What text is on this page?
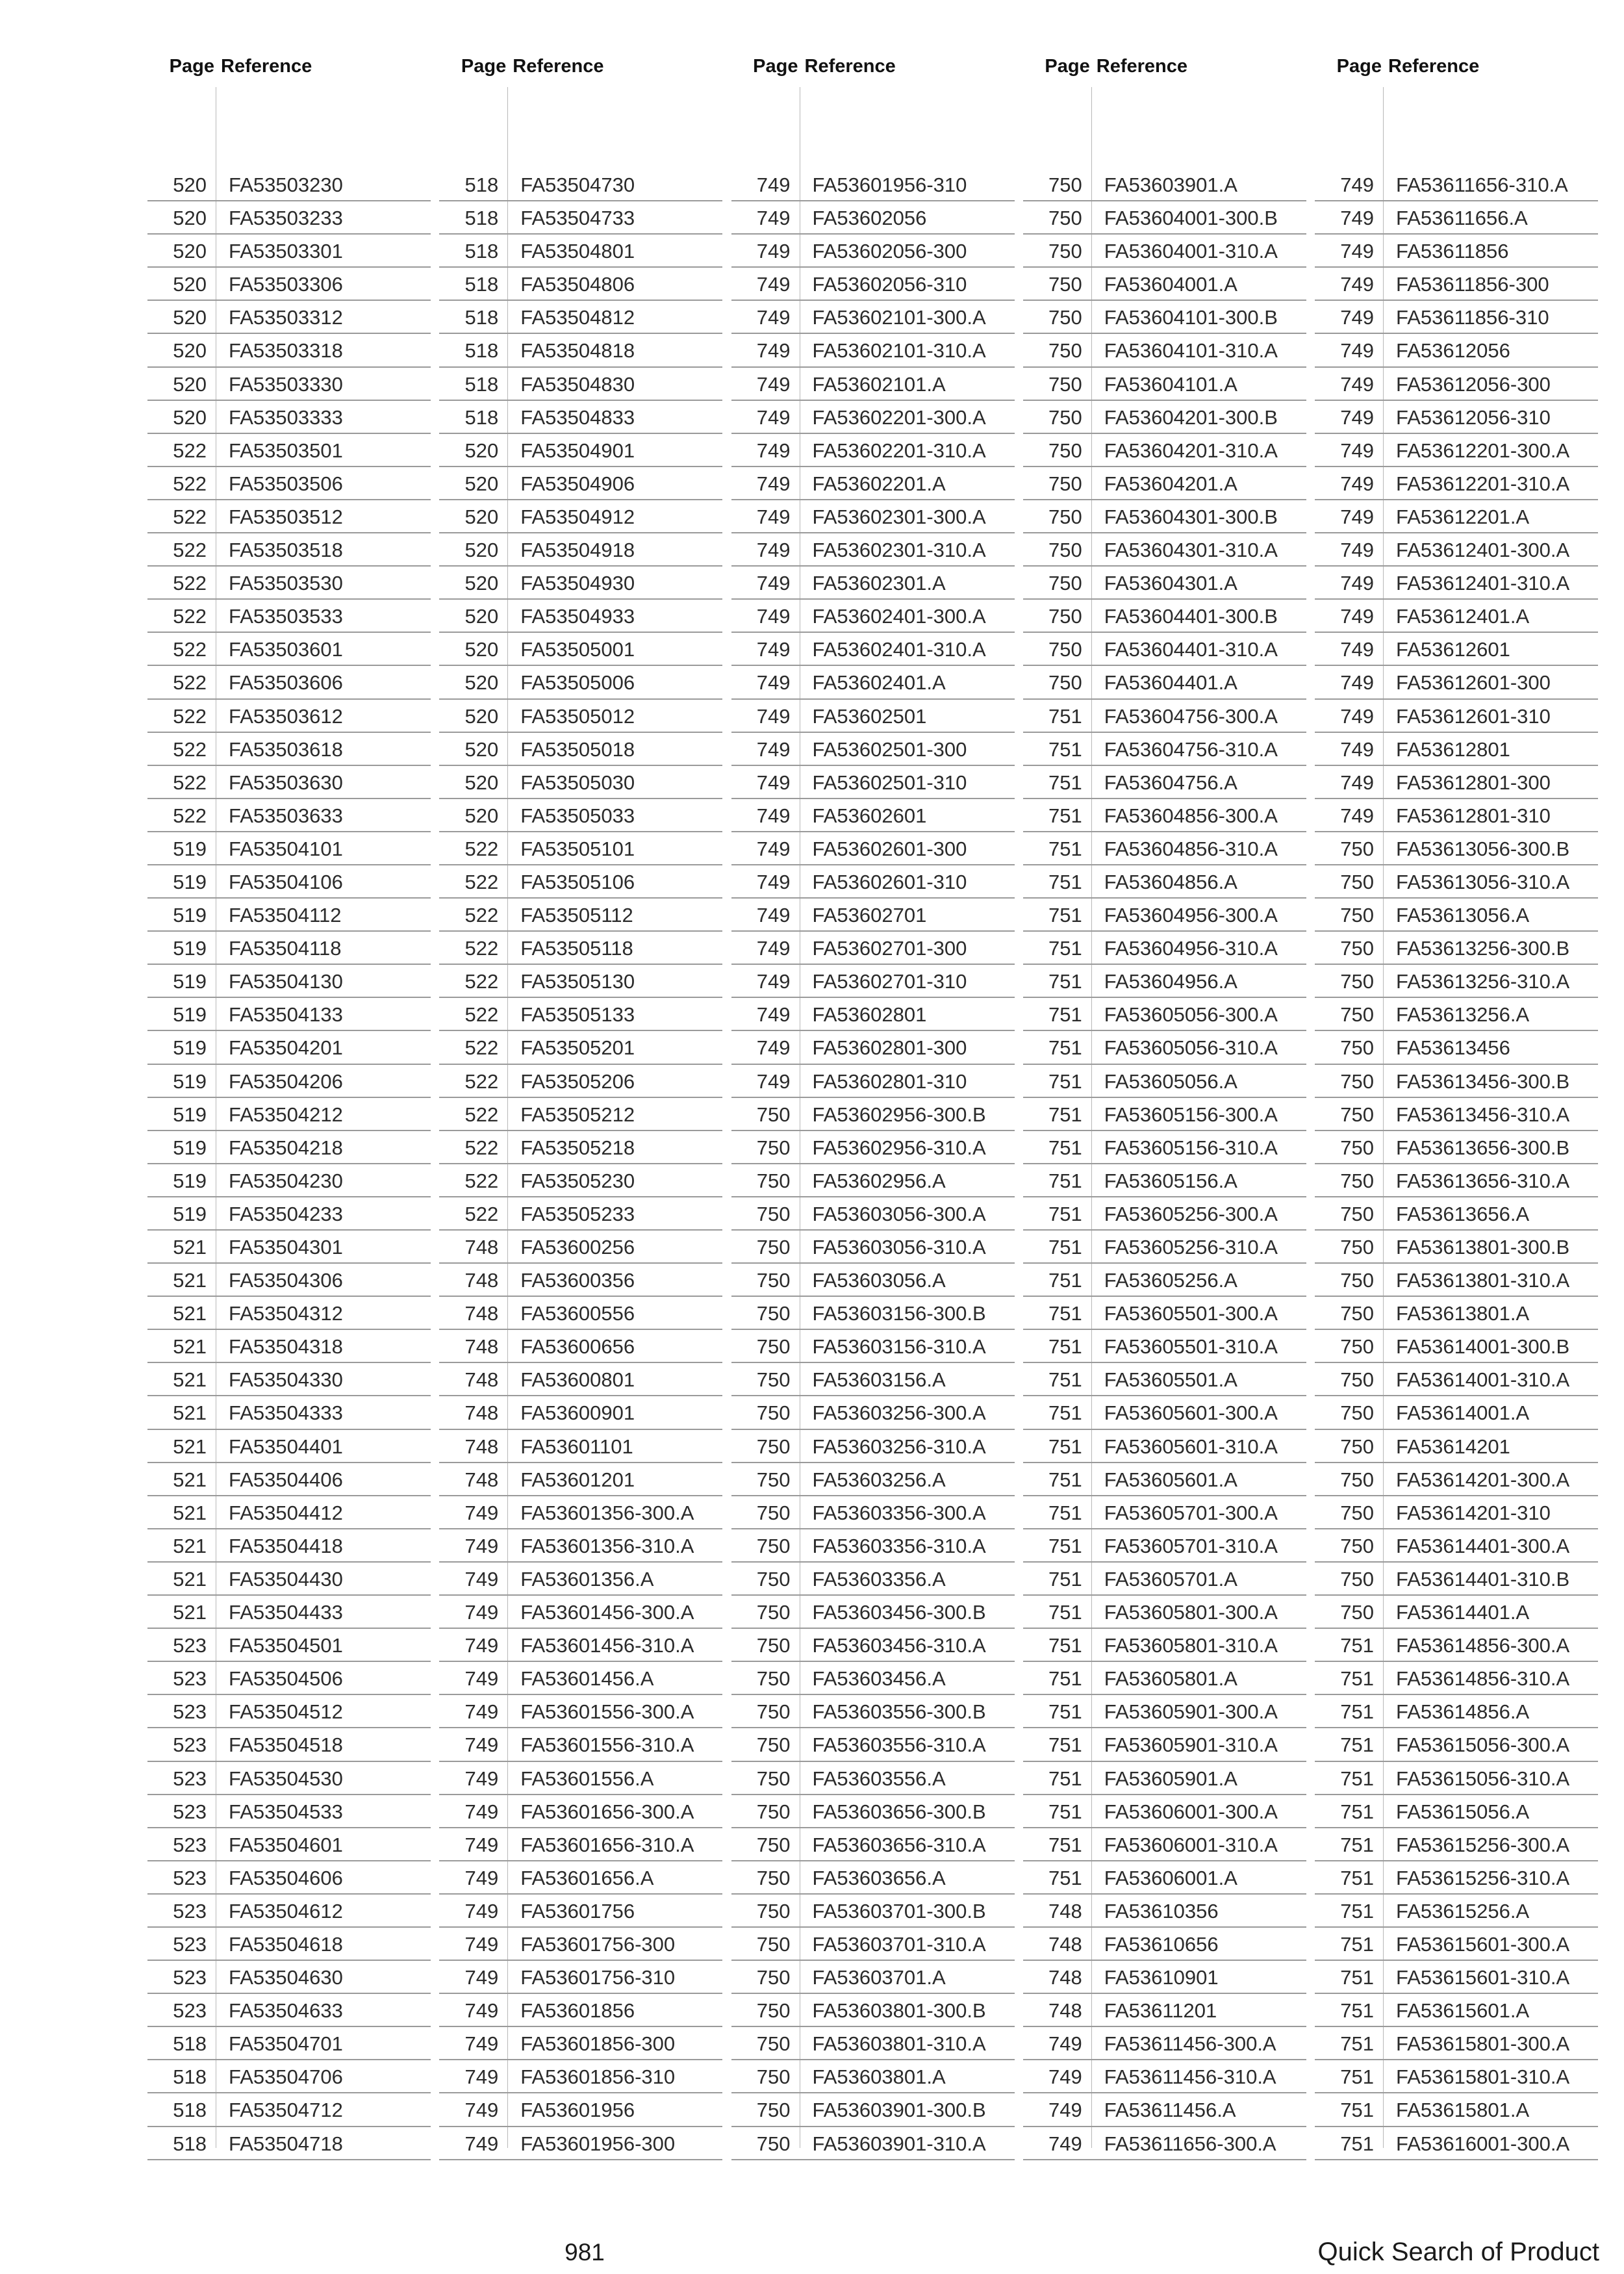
Page Reference
520 FA53503230
520 FA53503233
520 FA53503301
520 FA53503306
520 FA53503312
520 FA53503318
520 FA53503330
520 FA53503333
522 FA53503501
522 FA53503506
522 FA53503512
522 FA53503518
522 FA53503530
522 FA53503533
522 FA53503601
522 FA53503606
522 FA53503612
522 FA53503618
522 FA53503630
522 FA53503633
519 FA53504101
519 FA53504106
519 FA53504112
519 FA53504118
519 FA53504130
519 FA53504133
519 FA53504201
519 FA53504206
519 FA53504212
519 FA53504218
519 FA53504230
519 FA53504233
521 FA53504301
521 FA53504306
521 FA53504312
521 FA53504318
521 FA53504330
521 FA53504333
521 FA53504401
521 FA53504406
521 FA53504412
521 FA53504418
521 FA53504430
521 FA53504433
523 FA53504501
523 FA53504506
523 FA53504512
523 FA53504518
523 FA53504530
523 FA53504533
523 FA53504601
523 FA53504606
523 FA53504612
523 FA53504618
523 FA53504630
523 FA53504633
518 FA53504701
518 FA53504706
518 FA53504712
518 FA53504718
Page Reference
518 FA53504730
518 FA53504733
518 FA53504801
518 FA53504806
518 FA53504812
518 FA53504818
518 FA53504830
518 FA53504833
520 FA53504901
520 FA53504906
520 FA53504912
520 FA53504918
520 FA53504930
520 FA53504933
520 FA53505001
520 FA53505006
520 FA53505012
520 FA53505018
520 FA53505030
520 FA53505033
522 FA53505101
522 FA53505106
522 FA53505112
522 FA53505118
522 FA53505130
522 FA53505133
522 FA53505201
522 FA53505206
522 FA53505212
522 FA53505218
522 FA53505230
522 FA53505233
748 FA53600256
748 FA53600356
748 FA53600556
748 FA53600656
748 FA53600801
748 FA53600901
748 FA53601101
748 FA53601201
749 FA53601356-300.A
749 FA53601356-310.A
749 FA53601356.A
749 FA53601456-300.A
749 FA53601456-310.A
749 FA53601456.A
749 FA53601556-300.A
749 FA53601556-310.A
749 FA53601556.A
749 FA53601656-300.A
749 FA53601656-310.A
749 FA53601656.A
749 FA53601756
749 FA53601756-300
749 FA53601756-310
749 FA53601856
749 FA53601856-300
749 FA53601856-310
749 FA53601956
749 FA53601956-300
Page Reference
749 FA53601956-310
749 FA53602056
749 FA53602056-300
749 FA53602056-310
749 FA53602101-300.A
749 FA53602101-310.A
749 FA53602101.A
749 FA53602201-300.A
749 FA53602201-310.A
749 FA53602201.A
749 FA53602301-300.A
749 FA53602301-310.A
749 FA53602301.A
749 FA53602401-300.A
749 FA53602401-310.A
749 FA53602401.A
749 FA53602501
749 FA53602501-300
749 FA53602501-310
749 FA53602601
749 FA53602601-300
749 FA53602601-310
749 FA53602701
749 FA53602701-300
749 FA53602701-310
749 FA53602801
749 FA53602801-300
749 FA53602801-310
750 FA53602956-300.B
750 FA53602956-310.A
750 FA53602956.A
750 FA53603056-300.A
750 FA53603056-310.A
750 FA53603056.A
750 FA53603156-300.B
750 FA53603156-310.A
750 FA53603156.A
750 FA53603256-300.A
750 FA53603256-310.A
750 FA53603256.A
750 FA53603356-300.A
750 FA53603356-310.A
750 FA53603356.A
750 FA53603456-300.B
750 FA53603456-310.A
750 FA53603456.A
750 FA53603556-300.B
750 FA53603556-310.A
750 FA53603556.A
750 FA53603656-300.B
750 FA53603656-310.A
750 FA53603656.A
750 FA53603701-300.B
750 FA53603701-310.A
750 FA53603701.A
750 FA53603801-300.B
750 FA53603801-310.A
750 FA53603801.A
750 FA53603901-300.B
750 FA53603901-310.A
Page Reference
750 FA53603901.A
750 FA53604001-300.B
750 FA53604001-310.A
750 FA53604001.A
750 FA53604101-300.B
750 FA53604101-310.A
750 FA53604101.A
750 FA53604201-300.B
750 FA53604201-310.A
750 FA53604201.A
750 FA53604301-300.B
750 FA53604301-310.A
750 FA53604301.A
750 FA53604401-300.B
750 FA53604401-310.A
750 FA53604401.A
751 FA53604756-300.A
751 FA53604756-310.A
751 FA53604756.A
751 FA53604856-300.A
751 FA53604856-310.A
751 FA53604856.A
751 FA53604956-300.A
751 FA53604956-310.A
751 FA53604956.A
751 FA53605056-300.A
751 FA53605056-310.A
751 FA53605056.A
751 FA53605156-300.A
751 FA53605156-310.A
751 FA53605156.A
751 FA53605256-300.A
751 FA53605256-310.A
751 FA53605256.A
751 FA53605501-300.A
751 FA53605501-310.A
751 FA53605501.A
751 FA53605601-300.A
751 FA53605601-310.A
751 FA53605601.A
751 FA53605701-300.A
751 FA53605701-310.A
751 FA53605701.A
751 FA53605801-300.A
751 FA53605801-310.A
751 FA53605801.A
751 FA53605901-300.A
751 FA53605901-310.A
751 FA53605901.A
751 FA53606001-300.A
751 FA53606001-310.A
751 FA53606001.A
748 FA53610356
748 FA53610656
748 FA53610901
748 FA53611201
749 FA53611456-300.A
749 FA53611456-310.A
749 FA53611456.A
749 FA53611656-300.A
Page Reference
749 FA53611656-310.A
749 FA53611656.A
749 FA53611856
749 FA53611856-300
749 FA53611856-310
749 FA53612056
749 FA53612056-300
749 FA53612056-310
749 FA53612201-300.A
749 FA53612201-310.A
749 FA53612201.A
749 FA53612401-300.A
749 FA53612401-310.A
749 FA53612401.A
749 FA53612601
749 FA53612601-300
749 FA53612601-310
749 FA53612801
749 FA53612801-300
749 FA53612801-310
750 FA53613056-300.B
750 FA53613056-310.A
750 FA53613056.A
750 FA53613256-300.B
750 FA53613256-310.A
750 FA53613256.A
750 FA53613456
750 FA53613456-300.B
750 FA53613456-310.A
750 FA53613656-300.B
750 FA53613656-310.A
750 FA53613656.A
750 FA53613801-300.B
750 FA53613801-310.A
750 FA53613801.A
750 FA53614001-300.B
750 FA53614001-310.A
750 FA53614001.A
750 FA53614201
750 FA53614201-300.A
750 FA53614201-310
750 FA53614401-300.A
750 FA53614401-310.B
750 FA53614401.A
751 FA53614856-300.A
751 FA53614856-310.A
751 FA53614856.A
751 FA53615056-300.A
751 FA53615056-310.A
751 FA53615056.A
751 FA53615256-300.A
751 FA53615256-310.A
751 FA53615256.A
751 FA53615601-300.A
751 FA53615601-310.A
751 FA53615601.A
751 FA53615801-300.A
751 FA53615801-310.A
751 FA53615801.A
751 FA53616001-300.A
981	Quick Search of Product
